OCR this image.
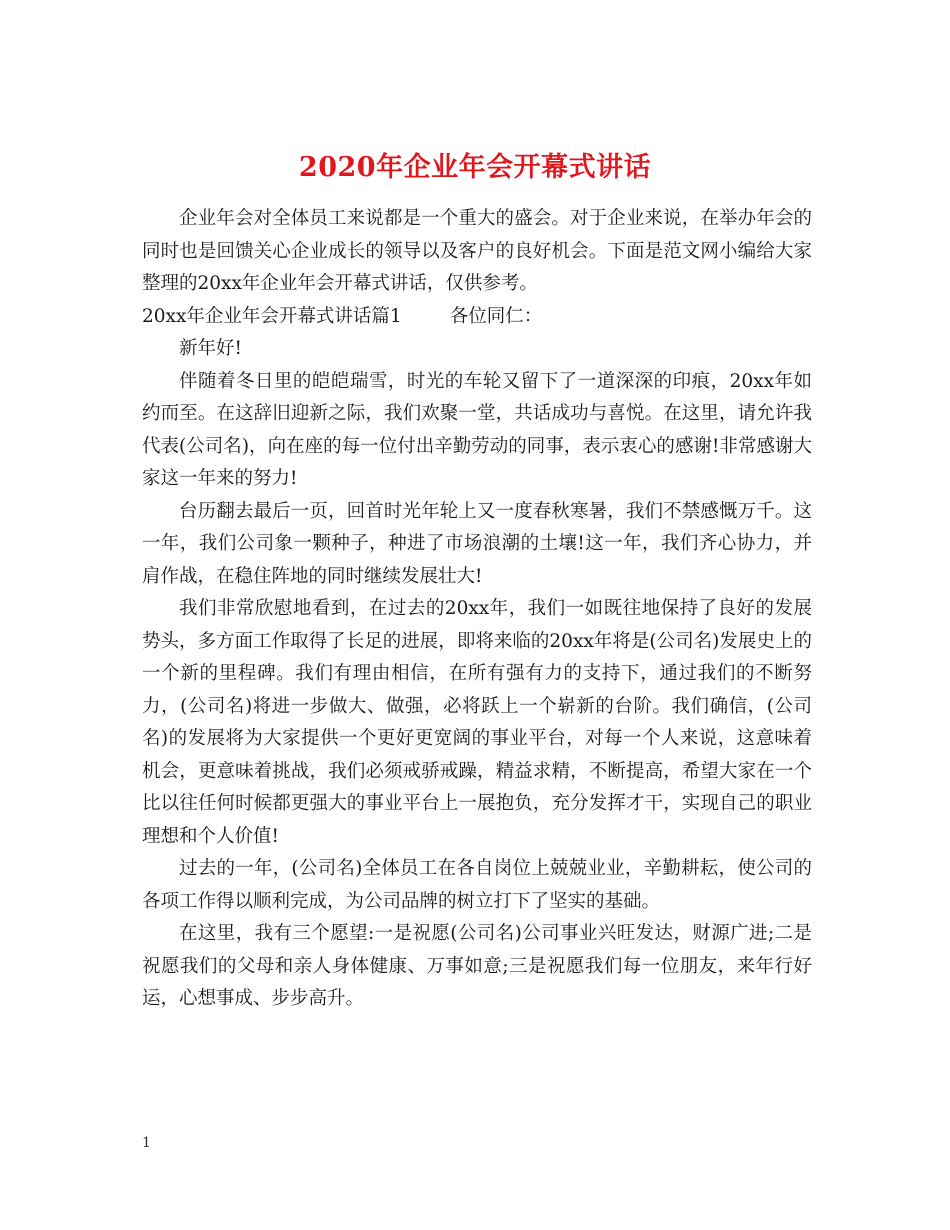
2020年企业年会开幕式讲话

企业年会对全体员工来说都是一个重大的盛会。对于企业来说，在举办年会的同时也是回馈关心企业成长的领导以及客户的良好机会。下面是范文网小编给大家整理的20xx年企业年会开幕式讲话，仅供参考。

20xx年企业年会开幕式讲话篇1	各位同仁：

新年好!

伴随着冬日里的皑皑瑞雪，时光的车轮又留下了一道深深的印痕，20xx年如约而至。在这辞旧迎新之际，我们欢聚一堂，共话成功与喜悦。在这里，请允许我代表(公司名)，向在座的每一位付出辛勤劳动的同事，表示衷心的感谢!非常感谢大家这一年来的努力!

台历翻去最后一页，回首时光年轮上又一度春秋寒暑，我们不禁感慨万千。这一年，我们公司象一颗种子，种进了市场浪潮的土壤!这一年，我们齐心协力，并肩作战，在稳住阵地的同时继续发展壮大!

我们非常欣慰地看到，在过去的20xx年，我们一如既往地保持了良好的发展势头，多方面工作取得了长足的进展，即将来临的20xx年将是(公司名)发展史上的一个新的里程碑。我们有理由相信，在所有强有力的支持下，通过我们的不断努力，(公司名)将进一步做大、做强，必将跃上一个崭新的台阶。我们确信，(公司名)的发展将为大家提供一个更好更宽阔的事业平台，对每一个人来说，这意味着机会，更意味着挑战，我们必须戒骄戒躁，精益求精，不断提高，希望大家在一个比以往任何时候都更强大的事业平台上一展抱负，充分发挥才干，实现自己的职业理想和个人价值!

过去的一年，(公司名)全体员工在各自岗位上兢兢业业，辛勤耕耘，使公司的各项工作得以顺利完成，为公司品牌的树立打下了坚实的基础。

在这里，我有三个愿望:一是祝愿(公司名)公司事业兴旺发达，财源广进;二是祝愿我们的父母和亲人身体健康、万事如意;三是祝愿我们每一位朋友，来年行好运，心想事成、步步高升。

1
